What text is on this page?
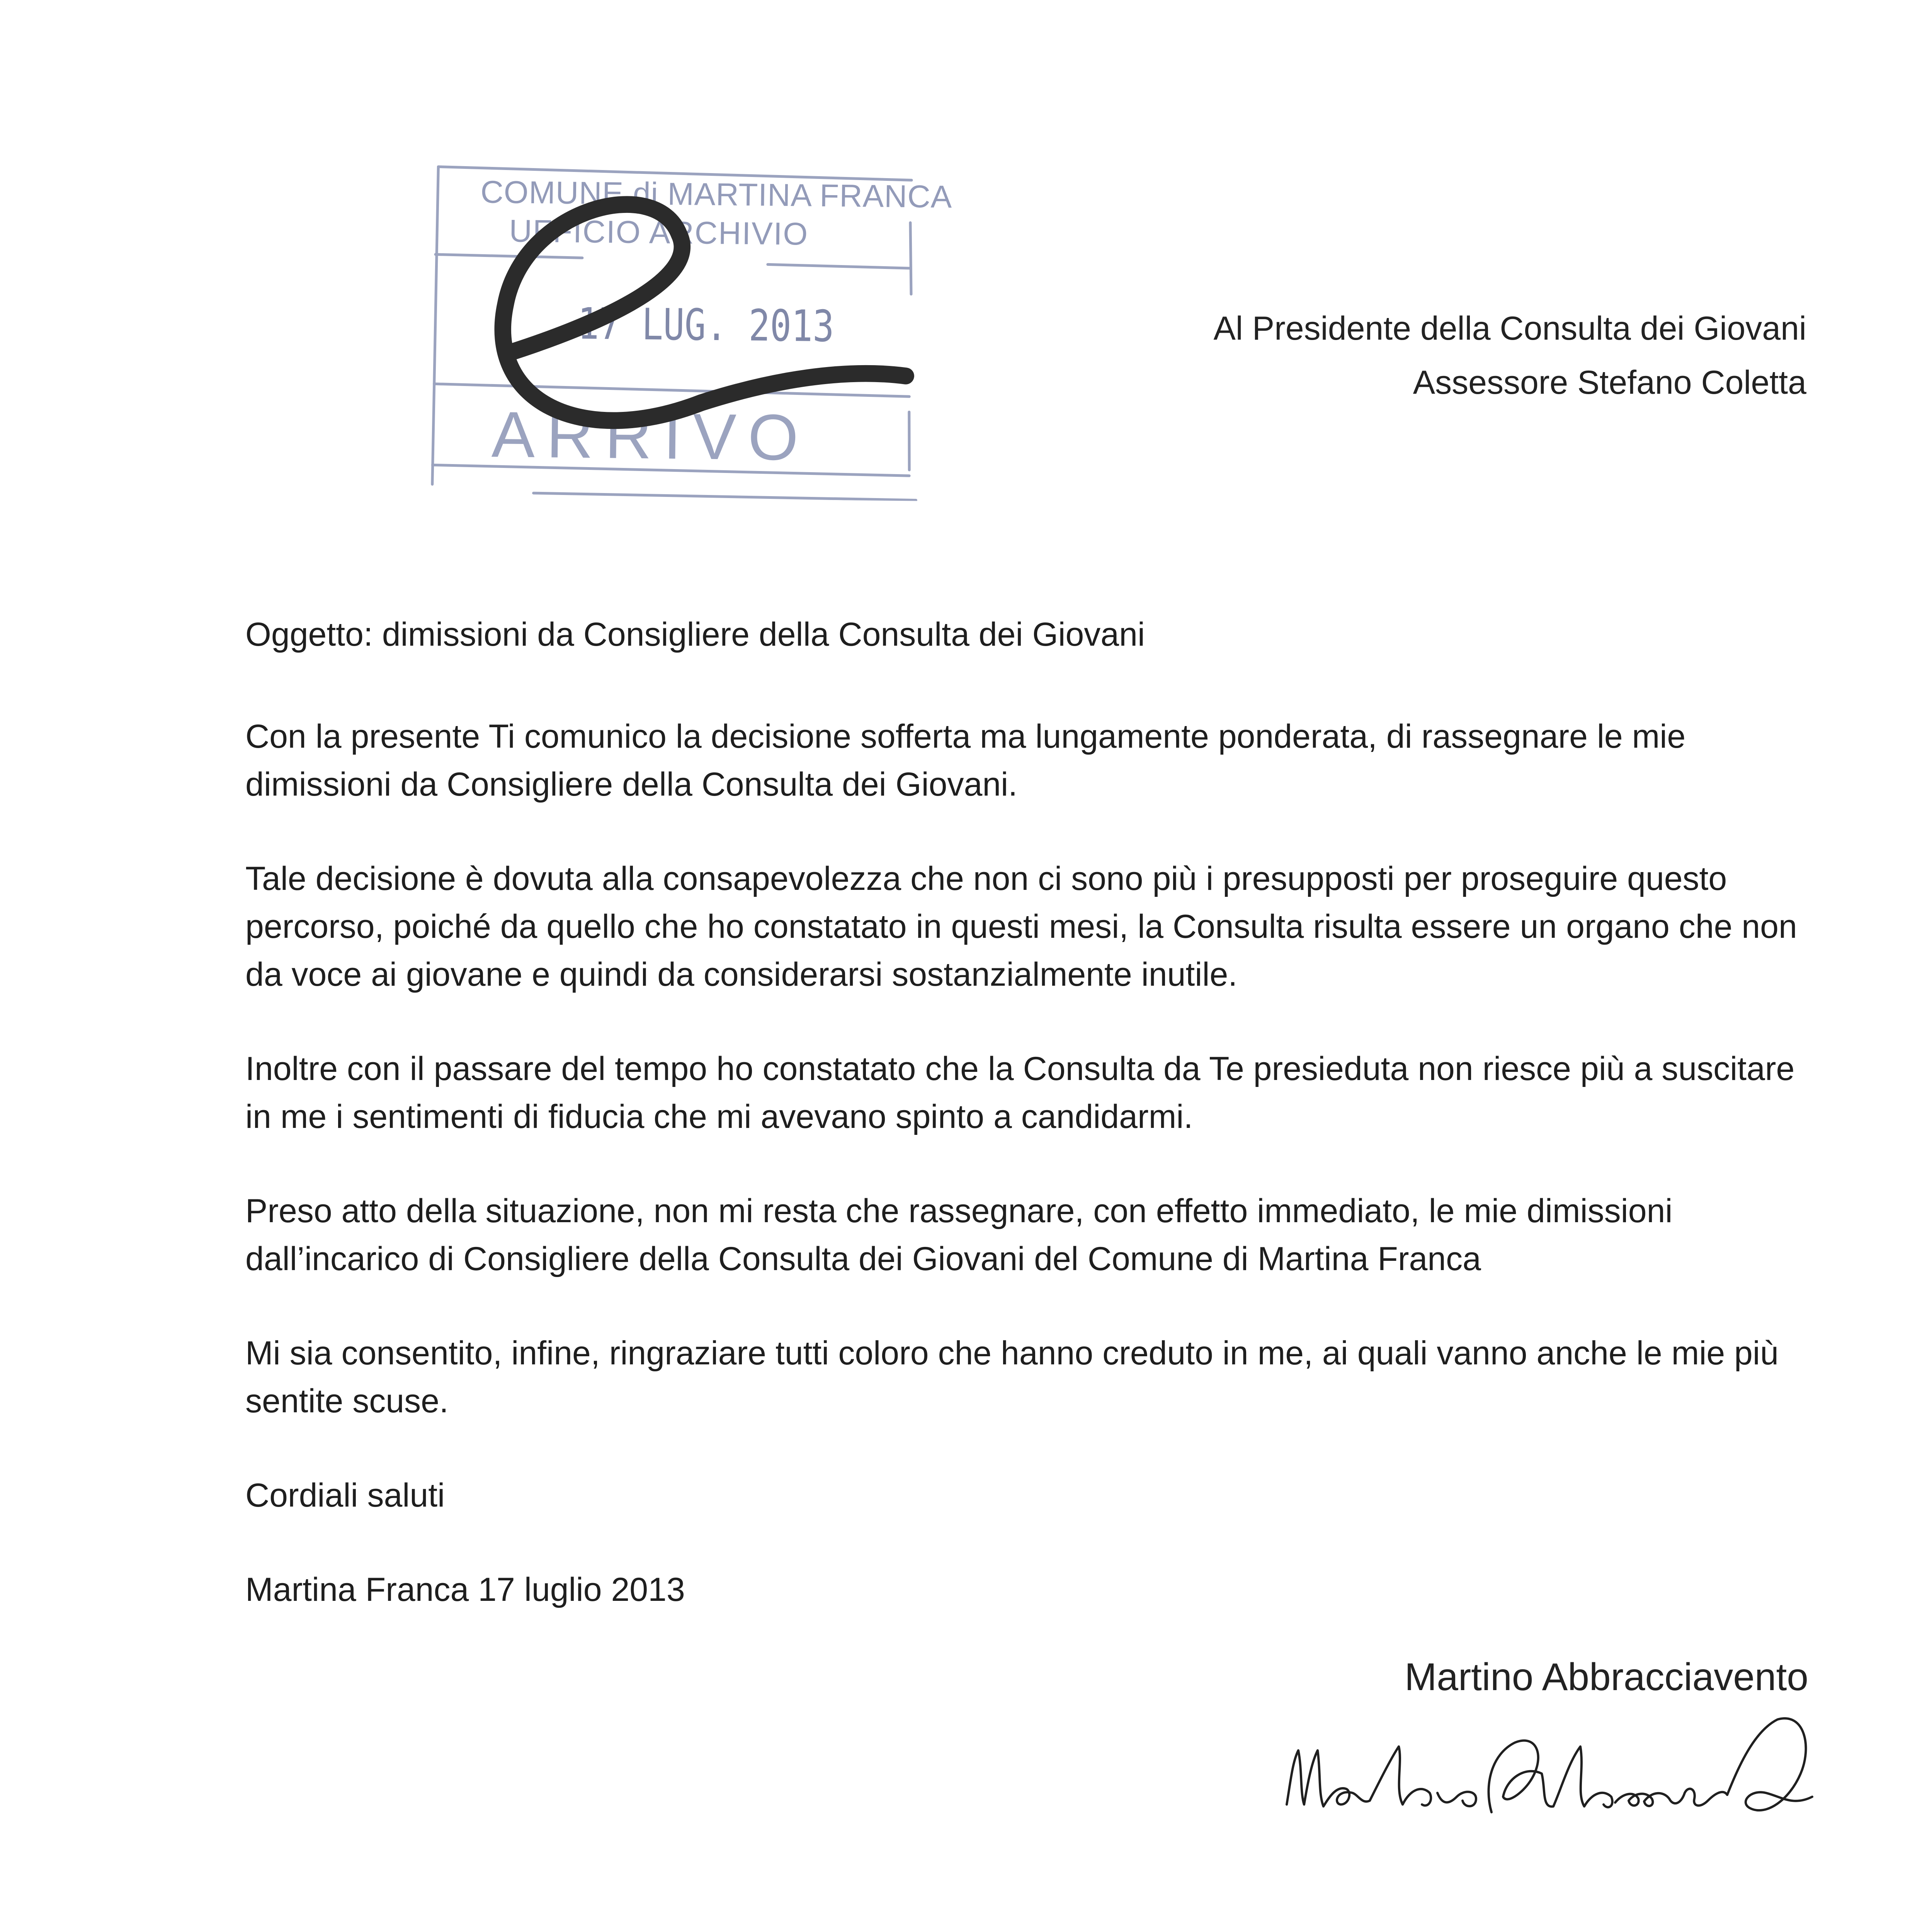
COMUNE di MARTINA FRANCA
UFFICIO ARCHIVIO
17 LUG. 2013
ARRIVO
Al Presidente della Consulta dei Giovani
Assessore Stefano Coletta

Oggetto: dimissioni da Consigliere della Consulta dei Giovani

Con la presente Ti comunico la decisione sofferta ma lungamente ponderata, di rassegnare le mie dimissioni da Consigliere della Consulta dei Giovani.

Tale decisione è dovuta alla consapevolezza che non ci sono più i presupposti per proseguire questo percorso, poiché da quello che ho constatato in questi mesi, la Consulta risulta essere un organo che non da voce ai giovane e quindi da considerarsi sostanzialmente inutile.

Inoltre con il passare del tempo ho constatato che la Consulta da Te presieduta non riesce più a suscitare in me i sentimenti di fiducia che mi avevano spinto a candidarmi.

Preso atto della situazione, non mi resta che rassegnare, con effetto immediato, le mie dimissioni dall’incarico di Consigliere della Consulta dei Giovani del Comune di Martina Franca

Mi sia consentito, infine, ringraziare tutti coloro che hanno creduto in me, ai quali vanno anche le mie più sentite scuse.

Cordiali saluti

Martina Franca 17 luglio 2013

Martino Abbracciavento
